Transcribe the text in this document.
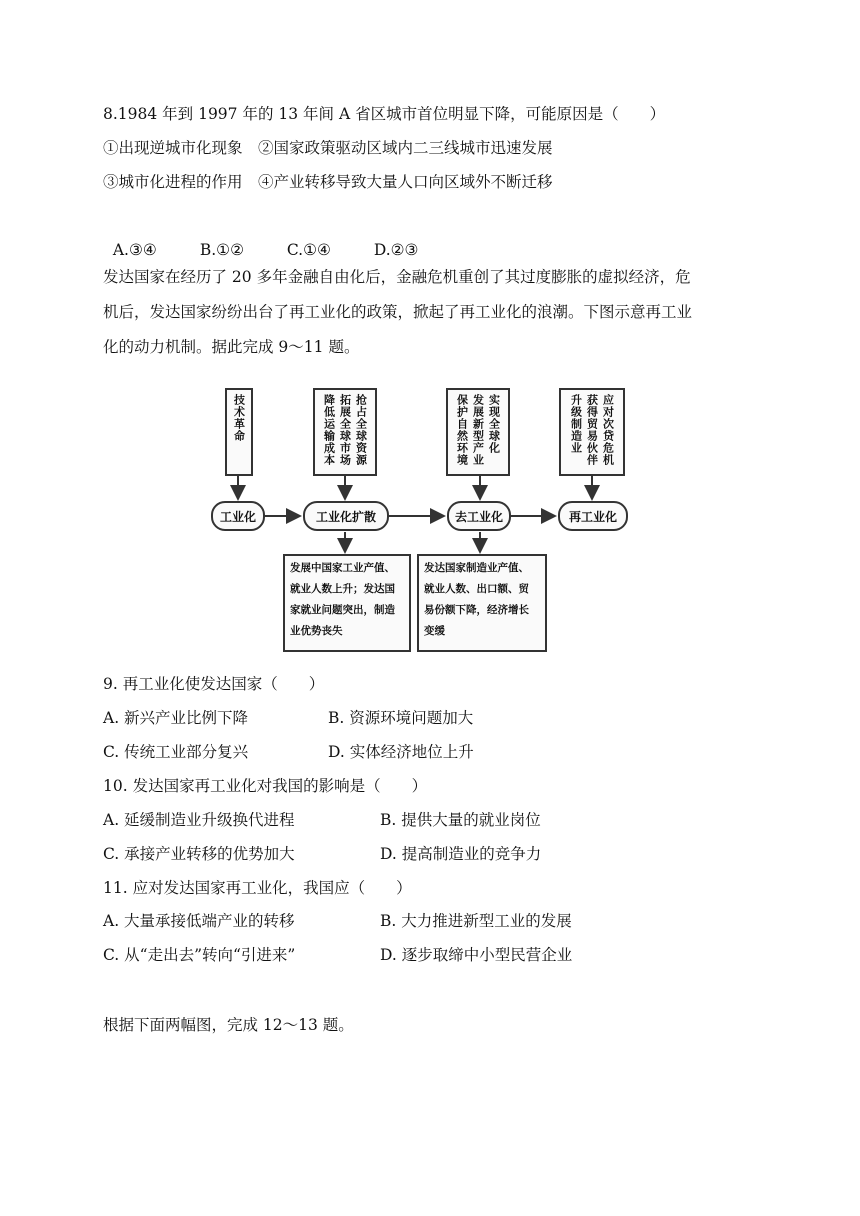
8.1984 年到 1997 年的 13 年间 A 省区城市首位明显下降，可能原因是（　　）
①出现逆城市化现象　②国家政策驱动区域内二三线城市迅速发展
③城市化进程的作用　④产业转移导致大量人口向区域外不断迁移

A.③④	B.①②	C.①④	D.②③

发达国家在经历了 20 多年金融自由化后，金融危机重创了其过度膨胀的虚拟经济，危
机后，发达国家纷纷出台了再工业化的政策，掀起了再工业化的浪潮。下图示意再工业
化的动力机制。据此完成 9～11 题。
技术革命	抢占全球资源
拓展全球市场
降低运输成本	实现全球化
发展新型产业
保护自然环境	应对次贷危机
获得贸易伙伴
升级制造业
工业化	工业化扩散	去工业化	再工业化
发展中国家工业产值、
就业人数上升；发达国
家就业问题突出，制造
业优势丧失
发达国家制造业产值、
就业人数、出口额、贸
易份额下降，经济增长
变缓
9. 再工业化使发达国家（　　）
A. 新兴产业比例下降	B. 资源环境问题加大
C. 传统工业部分复兴	D. 实体经济地位上升
10. 发达国家再工业化对我国的影响是（　　）
A. 延缓制造业升级换代进程	B. 提供大量的就业岗位
C. 承接产业转移的优势加大	D. 提高制造业的竞争力
11. 应对发达国家再工业化，我国应（　　）
A. 大量承接低端产业的转移	B. 大力推进新型工业的发展
C. 从“走出去”转向“引进来”	D. 逐步取缔中小型民营企业
根据下面两幅图，完成 12～13 题。
